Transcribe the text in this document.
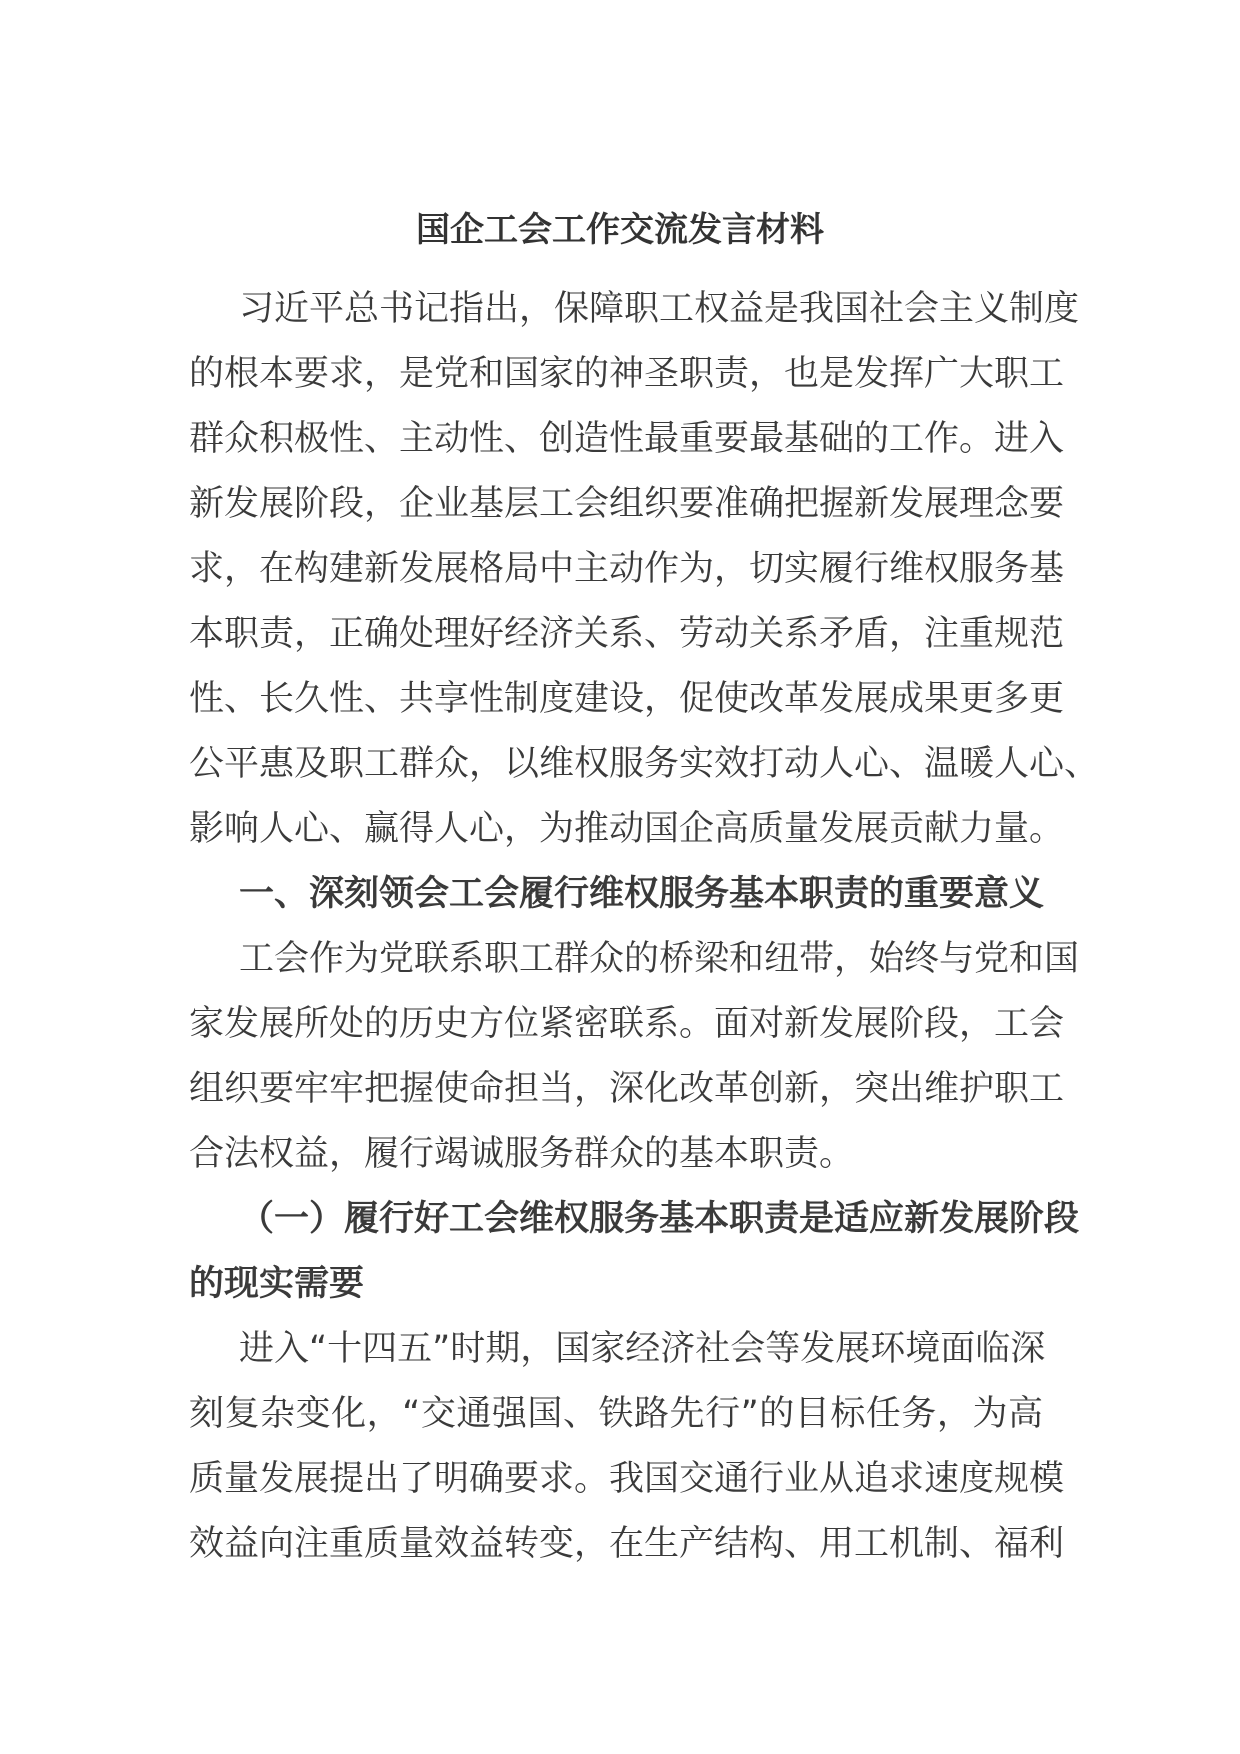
国企工会工作交流发言材料
习近平总书记指出，保障职工权益是我国社会主义制度
的根本要求，是党和国家的神圣职责，也是发挥广大职工
群众积极性、主动性、创造性最重要最基础的工作。进入
新发展阶段，企业基层工会组织要准确把握新发展理念要
求，在构建新发展格局中主动作为，切实履行维权服务基
本职责，正确处理好经济关系、劳动关系矛盾，注重规范
性、长久性、共享性制度建设，促使改革发展成果更多更
公平惠及职工群众，以维权服务实效打动人心、温暖人心、
影响人心、赢得人心，为推动国企高质量发展贡献力量。
一、深刻领会工会履行维权服务基本职责的重要意义
工会作为党联系职工群众的桥梁和纽带，始终与党和国
家发展所处的历史方位紧密联系。面对新发展阶段，工会
组织要牢牢把握使命担当，深化改革创新，突出维护职工
合法权益，履行竭诚服务群众的基本职责。
（一）履行好工会维权服务基本职责是适应新发展阶段
的现实需要
进入“十四五”时期，国家经济社会等发展环境面临深
刻复杂变化，“交通强国、铁路先行”的目标任务，为高
质量发展提出了明确要求。我国交通行业从追求速度规模
效益向注重质量效益转变，在生产结构、用工机制、福利
